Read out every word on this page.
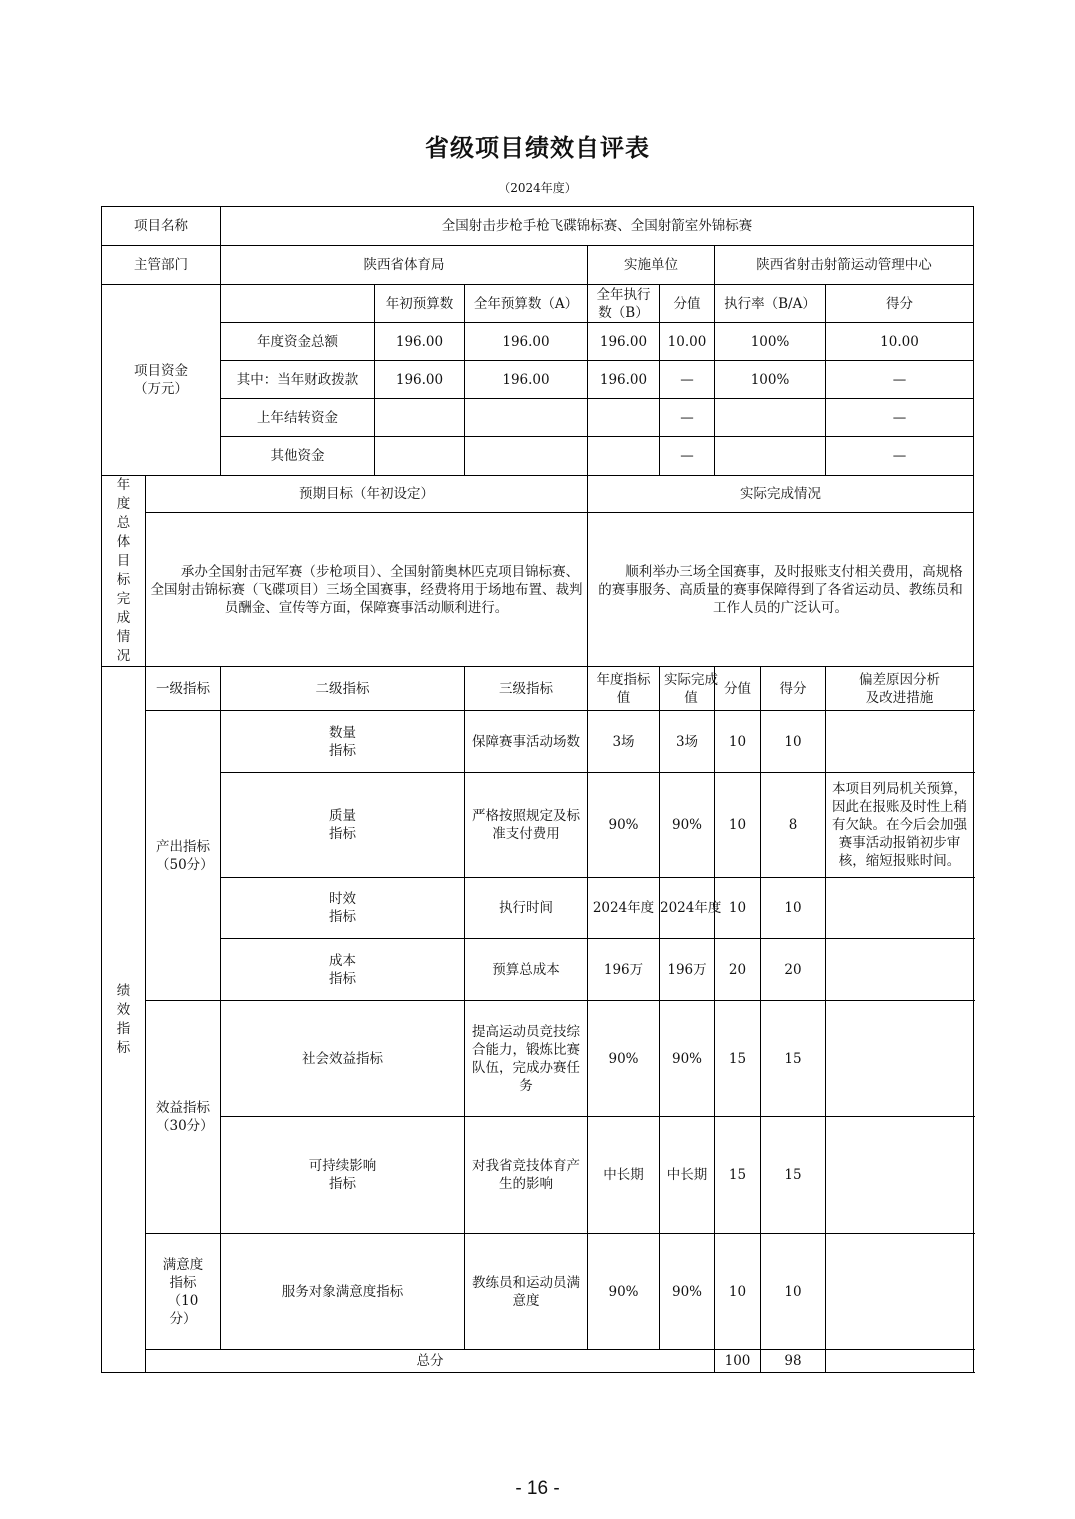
省级项目绩效自评表
（2024年度）
项目名称		全国射击步枪手枪飞碟锦标赛、全国射箭室外锦标赛							
主管部门		陕西省体育局			实施单位		陕西省射击射箭运动管理中心		
项目资金（万元）			年初预算数	全年预算数（A）	全年执行数（B）	分值	执行率（B/A）		得分
		年度资金总额	196.00	196.00	196.00	10.00	100%		10.00
		其中：当年财政拨款	196.00	196.00	196.00	—	100%		—
		上年结转资金				—			—
		其他资金				—			—

年度总体目标完成情况	预期目标（年初设定）				实际完成情况				

	承办全国射击冠军赛（步枪项目）、全国射箭奥林匹克项目锦标赛、全国射击锦标赛（飞碟项目）三场全国赛事，经费将用于场地布置、裁判员酬金、宣传等方面，保障赛事活动顺利进行。				顺利举办三场全国赛事，及时报账支付相关费用，高规格的赛事服务、高质量的赛事保障得到了各省运动员、教练员和工作人员的广泛认可。				

绩效指标	一级指标	二级指标		三级指标	年度指标值	实际完成值	分值	得分	偏差原因分析及改进措施
	产出指标（50分）	数量指标		保障赛事活动场数	3场	3场	10	10	
		质量指标		严格按照规定及标准支付费用	90%	90%	10	8	本项目列局机关预算，因此在报账及时性上稍有欠缺。在今后会加强赛事活动报销初步审核，缩短报账时间。
		时效指标		执行时间	2024年度	2024年度	10	10	
		成本指标		预算总成本	196万	196万	20	20	
	效益指标（30分）	社会效益指标		提高运动员竞技综合能力，锻炼比赛队伍，完成办赛任务	90%	90%	15	15	
		可持续影响指标		对我省竞技体育产生的影响	中长期	中长期	15	15	
	满意度指标（10分）	服务对象满意度指标		教练员和运动员满意度	90%	90%	10	10	
	总分						100	98	
- 16 -
